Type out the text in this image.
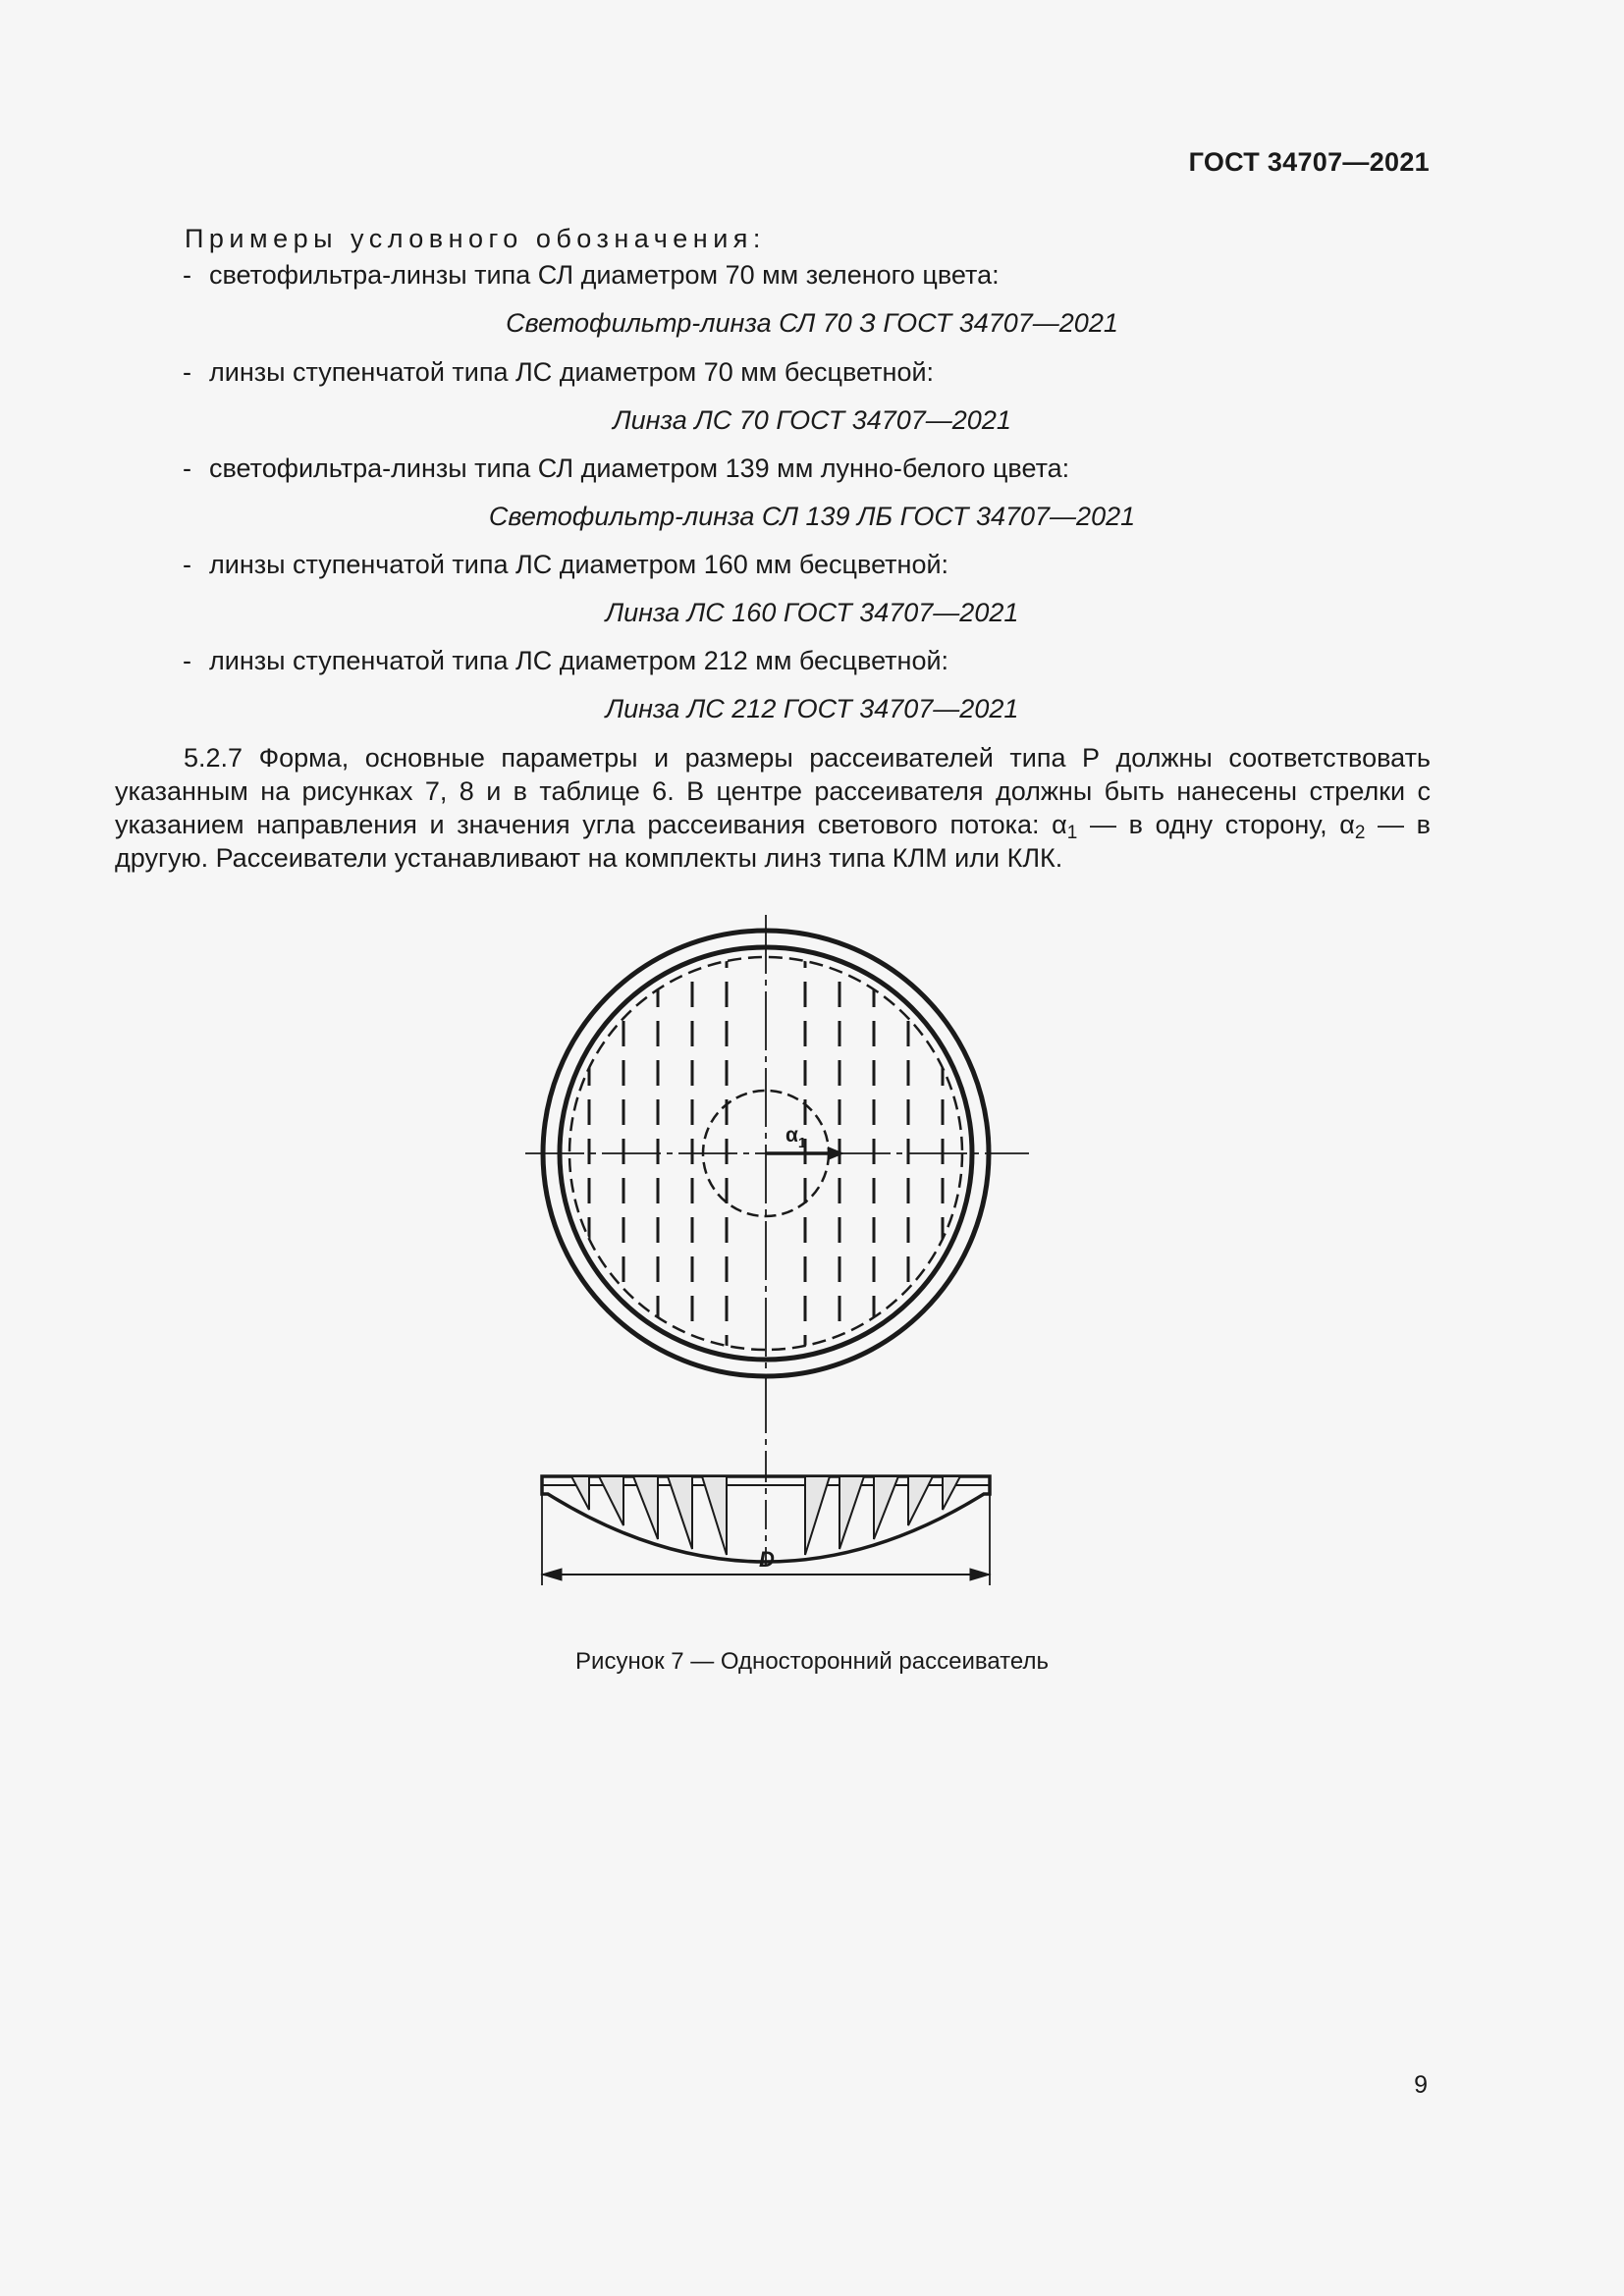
ГОСТ 34707—2021
Примеры условного обозначения:
- светофильтра-линзы типа СЛ диаметром 70 мм зеленого цвета:
Светофильтр-линза СЛ 70 З ГОСТ 34707—2021
- линзы ступенчатой типа ЛС диаметром 70 мм бесцветной:
Линза ЛС 70 ГОСТ 34707—2021
- светофильтра-линзы типа СЛ диаметром 139 мм лунно-белого цвета:
Светофильтр-линза СЛ 139 ЛБ ГОСТ 34707—2021
- линзы ступенчатой типа ЛС диаметром 160 мм бесцветной:
Линза ЛС 160 ГОСТ 34707—2021
- линзы ступенчатой типа ЛС диаметром 212 мм бесцветной:
Линза ЛС 212 ГОСТ 34707—2021

5.2.7 Форма, основные параметры и размеры рассеивателей типа Р должны соответствовать указанным на рисунках 7, 8 и в таблице 6. В центре рассеивателя должны быть нанесены стрелки с указанием направления и значения угла рассеивания светового потока: $\alpha_1$ — в одну сторону, $\alpha_2$ — в другую. Рассеиватели устанавливают на комплекты линз типа КЛМ или КЛК.

$\alpha_1$
D
Рисунок 7 — Односторонний рассеиватель
9
